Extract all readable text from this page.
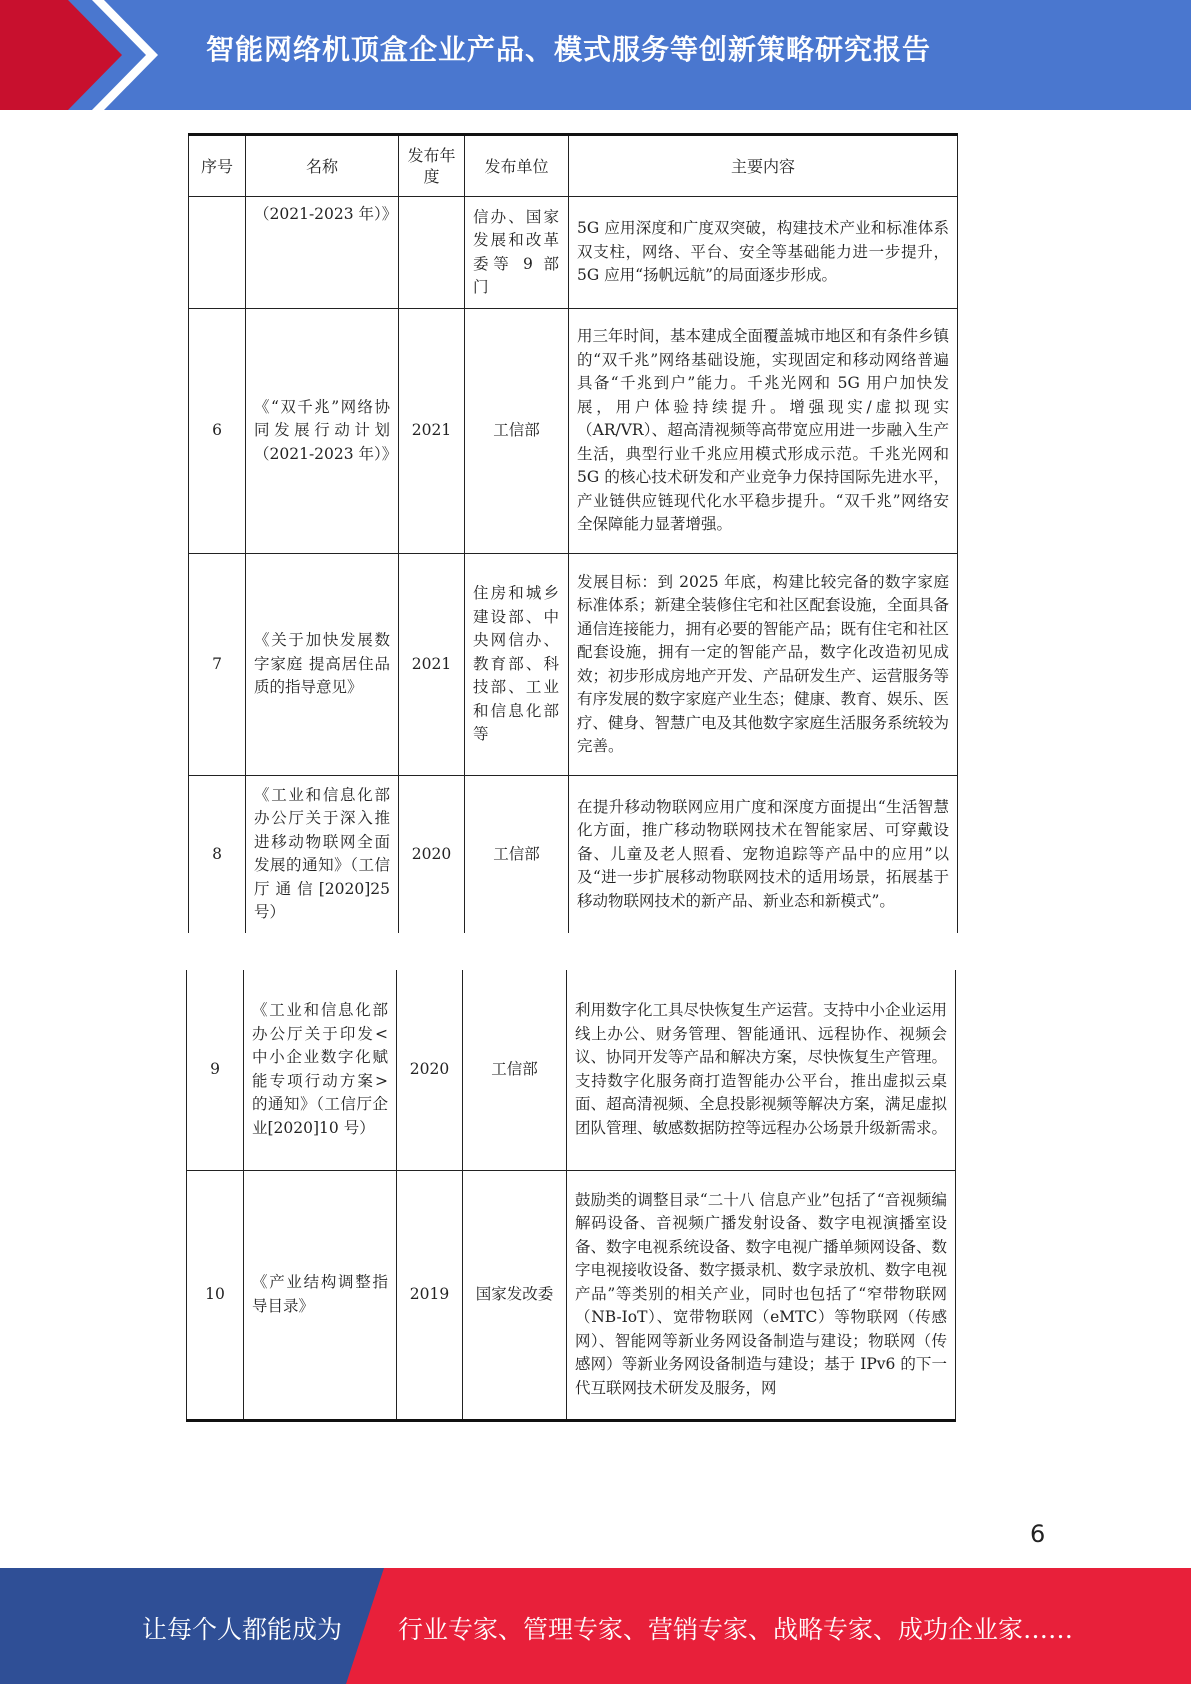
智能网络机顶盒企业产品、模式服务等创新策略研究报告
序号	名称	发布年度	发布单位	主要内容
	（2021-2023 年）》		信办、国家发展和改革委等 9 部门	5G 应用深度和广度双突破，构建技术产业和标准体系双支柱，网络、平台、安全等基础能力进一步提升，5G 应用“扬帆远航”的局面逐步形成。
6	《“双千兆”网络协同发展行动计划（2021-2023 年）》	2021	工信部	用三年时间，基本建成全面覆盖城市地区和有条件乡镇的“双千兆”网络基础设施，实现固定和移动网络普遍具备“千兆到户”能力。千兆光网和 5G 用户加快发展，用户体验持续提升。增强现实/虚拟现实（AR/VR）、超高清视频等高带宽应用进一步融入生产生活，典型行业千兆应用模式形成示范。千兆光网和 5G 的核心技术研发和产业竞争力保持国际先进水平，产业链供应链现代化水平稳步提升。“双千兆”网络安全保障能力显著增强。
7	《关于加快发展数字家庭 提高居住品质的指导意见》	2021	住房和城乡建设部、中央网信办、教育部、科技部、工业和信息化部等	发展目标：到 2025 年底，构建比较完备的数字家庭标准体系；新建全装修住宅和社区配套设施，全面具备通信连接能力，拥有必要的智能产品；既有住宅和社区配套设施，拥有一定的智能产品，数字化改造初见成效；初步形成房地产开发、产品研发生产、运营服务等有序发展的数字家庭产业生态；健康、教育、娱乐、医疗、健身、智慧广电及其他数字家庭生活服务系统较为完善。
8	《工业和信息化部办公厅关于深入推进移动物联网全面发展的通知》（工信厅通信[2020]25 号）	2020	工信部	在提升移动物联网应用广度和深度方面提出“生活智慧化方面，推广移动物联网技术在智能家居、可穿戴设备、儿童及老人照看、宠物追踪等产品中的应用”以及“进一步扩展移动物联网技术的适用场景，拓展基于移动物联网技术的新产品、新业态和新模式”。
9	《工业和信息化部办公厅关于印发<中小企业数字化赋能专项行动方案>的通知》（工信厅企业[2020]10 号）	2020	工信部	利用数字化工具尽快恢复生产运营。支持中小企业运用线上办公、财务管理、智能通讯、远程协作、视频会议、协同开发等产品和解决方案，尽快恢复生产管理。支持数字化服务商打造智能办公平台，推出虚拟云桌面、超高清视频、全息投影视频等解决方案，满足虚拟团队管理、敏感数据防控等远程办公场景升级新需求。
10	《产业结构调整指导目录》	2019	国家发改委	鼓励类的调整目录“二十八 信息产业”包括了“音视频编解码设备、音视频广播发射设备、数字电视演播室设备、数字电视系统设备、数字电视广播单频网设备、数字电视接收设备、数字摄录机、数字录放机、数字电视产品”等类别的相关产业，同时也包括了“窄带物联网（NB-IoT）、宽带物联网（eMTC）等物联网（传感网）、智能网等新业务网设备制造与建设；物联网（传感网）等新业务网设备制造与建设；基于 IPv6 的下一代互联网技术研发及服务，网
6
让每个人都能成为 行业专家、管理专家、营销专家、战略专家、成功企业家……
